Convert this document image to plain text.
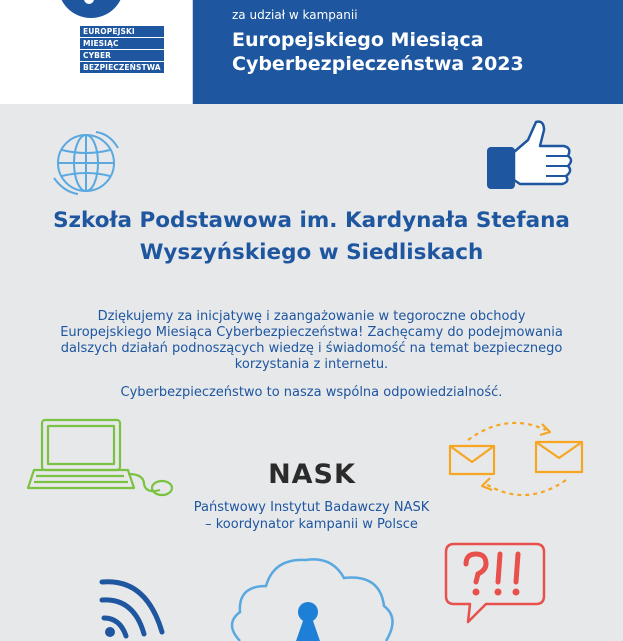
EUROPEJSKI
MIESIĄC
CYBER
BEZPIECZEŃSTWA
za udział w kampanii
Europejskiego Miesiąca
Cyberbezpieczeństwa 2023
Szkoła Podstawowa im. Kardynała Stefana
Wyszyńskiego w Siedliskach
Dziękujemy za inicjatywę i zaangażowanie w tegoroczne obchody
Europejskiego Miesiąca Cyberbezpieczeństwa! Zachęcamy do podejmowania
dalszych działań podnoszących wiedzę i świadomość na temat bezpiecznego
korzystania z internetu.
Cyberbezpieczeństwo to nasza wspólna odpowiedzialność.
NASK
Państwowy Instytut Badawczy NASK
– koordynator kampanii w Polsce
